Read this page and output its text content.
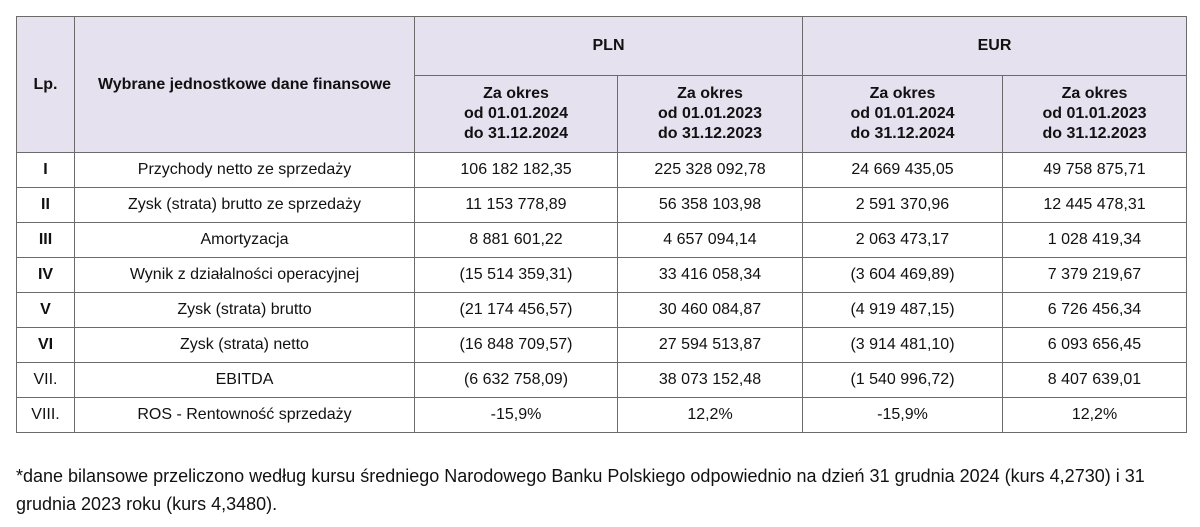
Lp.	Wybrane jednostkowe dane finansowe	PLN		EUR	

		Za okres
od 01.01.2024
do 31.12.2024	Za okres
od 01.01.2023
do 31.12.2023	Za okres
od 01.01.2024
do 31.12.2024	Za okres
od 01.01.2023
do 31.12.2023

I	Przychody netto ze sprzedaży	106 182 182,35	225 328 092,78	24 669 435,05	49 758 875,71
II	Zysk (strata) brutto ze sprzedaży	11 153 778,89	56 358 103,98	2 591 370,96	12 445 478,31
III	Amortyzacja	8 881 601,22	4 657 094,14	2 063 473,17	1 028 419,34
IV	Wynik z działalności operacyjnej	(15 514 359,31)	33 416 058,34	(3 604 469,89)	7 379 219,67
V	Zysk (strata) brutto	(21 174 456,57)	30 460 084,87	(4 919 487,15)	6 726 456,34
VI	Zysk (strata) netto	(16 848 709,57)	27 594 513,87	(3 914 481,10)	6 093 656,45
VII.	EBITDA	(6 632 758,09)	38 073 152,48	(1 540 996,72)	8 407 639,01
VIII.	ROS - Rentowność sprzedaży	-15,9%	12,2%	-15,9%	12,2%
*dane bilansowe przeliczono według kursu średniego Narodowego Banku Polskiego odpowiednio na dzień 31 grudnia 2024 (kurs 4,2730) i 31 grudnia 2023 roku (kurs 4,3480).
